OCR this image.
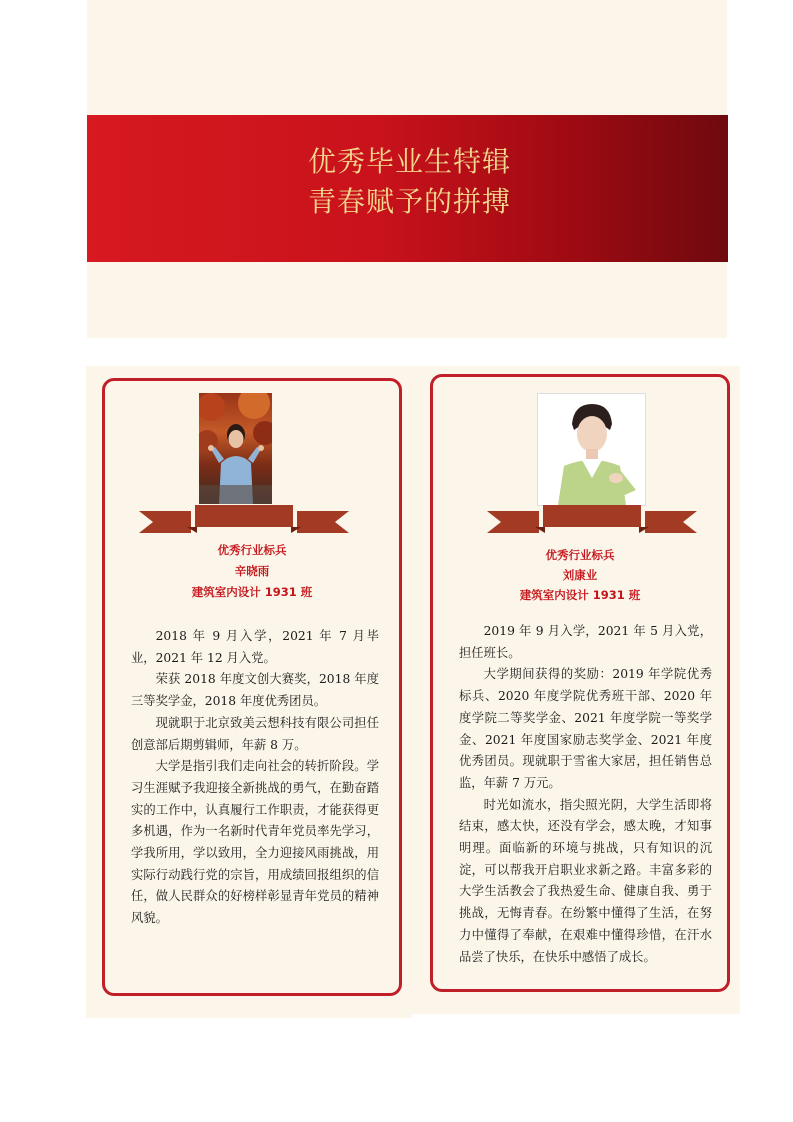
优秀毕业生特辑
青春赋予的拼搏
优秀行业标兵
辛晓雨
建筑室内设计 1931 班

2018 年 9 月入学，2021 年 7 月毕业，2021 年 12 月入党。

荣获 2018 年度文创大赛奖，2018 年度三等奖学金，2018 年度优秀团员。

现就职于北京致美云想科技有限公司担任创意部后期剪辑师，年薪 8 万。

大学是指引我们走向社会的转折阶段。学习生涯赋予我迎接全新挑战的勇气，在勤奋踏实的工作中，认真履行工作职责，才能获得更多机遇，作为一名新时代青年党员率先学习，学我所用，学以致用，全力迎接风雨挑战，用实际行动践行党的宗旨，用成绩回报组织的信任，做人民群众的好榜样彰显青年党员的精神风貌。

优秀行业标兵
刘康业
建筑室内设计 1931 班

2019 年 9 月入学，2021 年 5 月入党，担任班长。

大学期间获得的奖励：2019 年学院优秀标兵、2020 年度学院优秀班干部、2020 年度学院二等奖学金、2021 年度学院一等奖学金、2021 年度国家励志奖学金、2021 年度优秀团员。现就职于雪雀大家居，担任销售总监，年薪 7 万元。

时光如流水，指尖照光阴，大学生活即将结束，感太快，还没有学会，感太晚，才知事明理。面临新的环境与挑战，只有知识的沉淀，可以帮我开启职业求新之路。丰富多彩的大学生活教会了我热爱生命、健康自我、勇于挑战，无悔青春。在纷繁中懂得了生活，在努力中懂得了奉献，在艰难中懂得珍惜，在汗水品尝了快乐，在快乐中感悟了成长。
